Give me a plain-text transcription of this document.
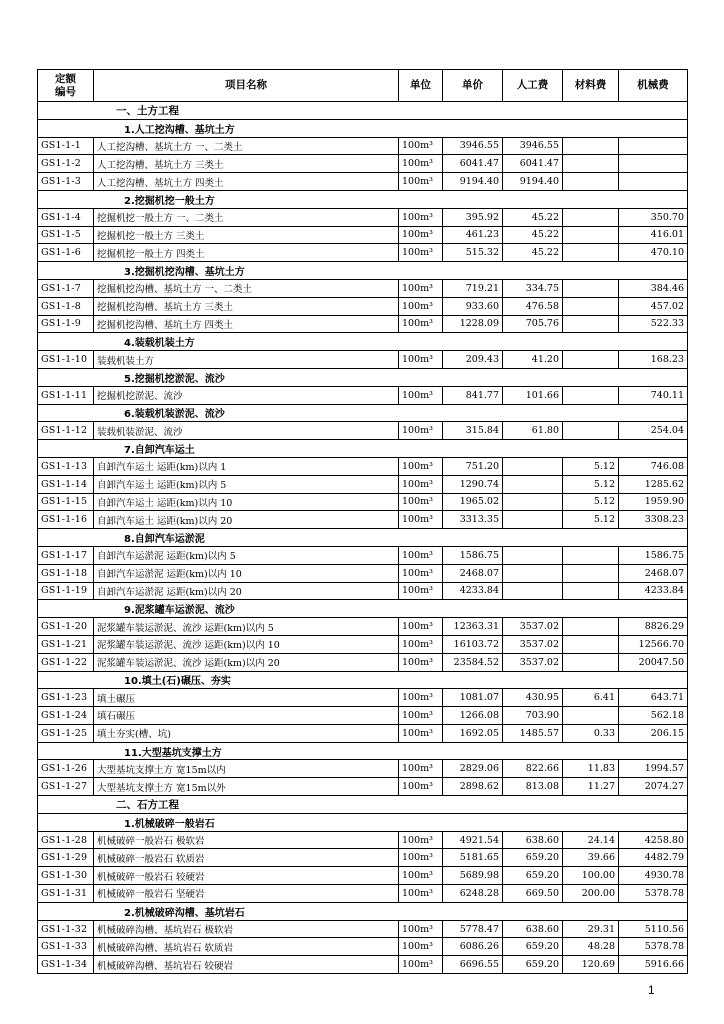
定额
编号	项目名称	单位	单价	人工费	材料费	机械费
一、土方工程						
1.人工挖沟槽、基坑土方						
GS1-1-1	人工挖沟槽、基坑土方 一、二类土	100m³	3946.55	3946.55		
GS1-1-2	人工挖沟槽、基坑土方 三类土	100m³	6041.47	6041.47		
GS1-1-3	人工挖沟槽、基坑土方 四类土	100m³	9194.40	9194.40		
2.挖掘机挖一般土方						
GS1-1-4	挖掘机挖一般土方 一、二类土	100m³	395.92	45.22		350.70
GS1-1-5	挖掘机挖一般土方 三类土	100m³	461.23	45.22		416.01
GS1-1-6	挖掘机挖一般土方 四类土	100m³	515.32	45.22		470.10
3.挖掘机挖沟槽、基坑土方						
GS1-1-7	挖掘机挖沟槽、基坑土方 一、二类土	100m³	719.21	334.75		384.46
GS1-1-8	挖掘机挖沟槽、基坑土方 三类土	100m³	933.60	476.58		457.02
GS1-1-9	挖掘机挖沟槽、基坑土方 四类土	100m³	1228.09	705.76		522.33
4.装载机装土方						
GS1-1-10	装载机装土方	100m³	209.43	41.20		168.23
5.挖掘机挖淤泥、流沙						
GS1-1-11	挖掘机挖淤泥、流沙	100m³	841.77	101.66		740.11
6.装载机装淤泥、流沙						
GS1-1-12	装载机装淤泥、流沙	100m³	315.84	61.80		254.04
7.自卸汽车运土						
GS1-1-13	自卸汽车运土 运距(km)以内 1	100m³	751.20		5.12	746.08
GS1-1-14	自卸汽车运土 运距(km)以内 5	100m³	1290.74		5.12	1285.62
GS1-1-15	自卸汽车运土 运距(km)以内 10	100m³	1965.02		5.12	1959.90
GS1-1-16	自卸汽车运土 运距(km)以内 20	100m³	3313.35		5.12	3308.23
8.自卸汽车运淤泥						
GS1-1-17	自卸汽车运淤泥 运距(km)以内 5	100m³	1586.75			1586.75
GS1-1-18	自卸汽车运淤泥 运距(km)以内 10	100m³	2468.07			2468.07
GS1-1-19	自卸汽车运淤泥 运距(km)以内 20	100m³	4233.84			4233.84
9.泥浆罐车运淤泥、流沙						
GS1-1-20	泥浆罐车装运淤泥、流沙 运距(km)以内 5	100m³	12363.31	3537.02		8826.29
GS1-1-21	泥浆罐车装运淤泥、流沙 运距(km)以内 10	100m³	16103.72	3537.02		12566.70
GS1-1-22	泥浆罐车装运淤泥、流沙 运距(km)以内 20	100m³	23584.52	3537.02		20047.50
10.填土(石)碾压、夯实						
GS1-1-23	填土碾压	100m³	1081.07	430.95	6.41	643.71
GS1-1-24	填石碾压	100m³	1266.08	703.90		562.18
GS1-1-25	填土夯实(槽、坑)	100m³	1692.05	1485.57	0.33	206.15
11.大型基坑支撑土方						
GS1-1-26	大型基坑支撑土方 宽15m以内	100m³	2829.06	822.66	11.83	1994.57
GS1-1-27	大型基坑支撑土方 宽15m以外	100m³	2898.62	813.08	11.27	2074.27
二、石方工程						
1.机械破碎一般岩石						
GS1-1-28	机械破碎一般岩石 极软岩	100m³	4921.54	638.60	24.14	4258.80
GS1-1-29	机械破碎一般岩石 软质岩	100m³	5181.65	659.20	39.66	4482.79
GS1-1-30	机械破碎一般岩石 较硬岩	100m³	5689.98	659.20	100.00	4930.78
GS1-1-31	机械破碎一般岩石 坚硬岩	100m³	6248.28	669.50	200.00	5378.78
2.机械破碎沟槽、基坑岩石						
GS1-1-32	机械破碎沟槽、基坑岩石 极软岩	100m³	5778.47	638.60	29.31	5110.56
GS1-1-33	机械破碎沟槽、基坑岩石 软质岩	100m³	6086.26	659.20	48.28	5378.78
GS1-1-34	机械破碎沟槽、基坑岩石 较硬岩	100m³	6696.55	659.20	120.69	5916.66
1
